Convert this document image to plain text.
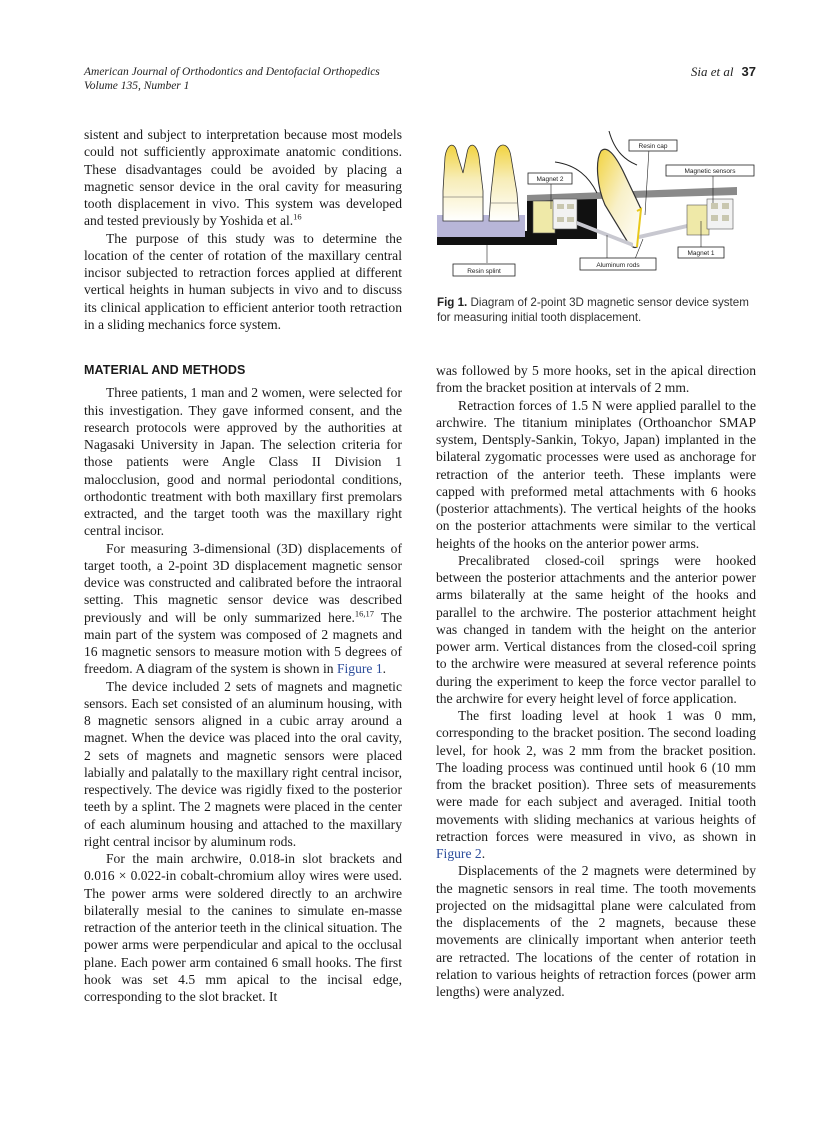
American Journal of Orthodontics and Dentofacial Orthopedics
Volume 135, Number 1
Sia et al 37

sistent and subject to interpretation because most models could not sufficiently approximate anatomic conditions. These disadvantages could be avoided by placing a magnetic sensor device in the oral cavity for measuring tooth displacement in vivo. This system was developed and tested previously by Yoshida et al.$^{16}$

The purpose of this study was to determine the location of the center of rotation of the maxillary central incisor subjected to retraction forces applied at different vertical heights in human subjects in vivo and to discuss its clinical application to efficient anterior tooth retraction in a sliding mechanics force system.

MATERIAL AND METHODS

Three patients, 1 man and 2 women, were selected for this investigation. They gave informed consent, and the research protocols were approved by the authorities at Nagasaki University in Japan. The selection criteria for those patients were Angle Class II Division 1 malocclusion, good and normal periodontal conditions, orthodontic treatment with both maxillary first premolars extracted, and the target tooth was the maxillary right central incisor.

For measuring 3-dimensional (3D) displacements of target tooth, a 2-point 3D displacement magnetic sensor device was constructed and calibrated before the intraoral setting. This magnetic sensor device was described previously and will be only summarized here.$^{16,17}$ The main part of the system was composed of 2 magnets and 16 magnetic sensors to measure motion with 5 degrees of freedom. A diagram of the system is shown in Figure 1.

The device included 2 sets of magnets and magnetic sensors. Each set consisted of an aluminum housing, with 8 magnetic sensors aligned in a cubic array around a magnet. When the device was placed into the oral cavity, 2 sets of magnets and magnetic sensors were placed labially and palatally to the maxillary right central incisor, respectively. The device was rigidly fixed to the posterior teeth by a splint. The 2 magnets were placed in the center of each aluminum housing and attached to the maxillary right central incisor by aluminum rods.

For the main archwire, 0.018-in slot brackets and 0.016 × 0.022-in cobalt-chromium alloy wires were used. The power arms were soldered directly to an archwire bilaterally mesial to the canines to simulate en-masse retraction of the anterior teeth in the clinical situation. The power arms were perpendicular and apical to the occlusal plane. Each power arm contained 6 small hooks. The first hook was set 4.5 mm apical to the incisal edge, corresponding to the slot bracket. It

Resin cap
Magnetic sensors
Magnet 2
Magnet 1
Resin splint
Aluminum rods
Fig 1. Diagram of 2-point 3D magnetic sensor device system for measuring initial tooth displacement.

was followed by 5 more hooks, set in the apical direction from the bracket position at intervals of 2 mm.

Retraction forces of 1.5 N were applied parallel to the archwire. The titanium miniplates (Orthoanchor SMAP system, Dentsply-Sankin, Tokyo, Japan) implanted in the bilateral zygomatic processes were used as anchorage for retraction of the anterior teeth. These implants were capped with preformed metal attachments with 6 hooks (posterior attachments). The vertical heights of the hooks on the posterior attachments were similar to the vertical heights of the hooks on the anterior power arms.

Precalibrated closed-coil springs were hooked between the posterior attachments and the anterior power arms bilaterally at the same height of the hooks and parallel to the archwire. The posterior attachment height was changed in tandem with the height on the anterior power arm. Vertical distances from the closed-coil spring to the archwire were measured at several reference points during the experiment to keep the force vector parallel to the archwire for every height level of force application.

The first loading level at hook 1 was 0 mm, corresponding to the bracket position. The second loading level, for hook 2, was 2 mm from the bracket position. The loading process was continued until hook 6 (10 mm from the bracket position). Three sets of measurements were made for each subject and averaged. Initial tooth movements with sliding mechanics at various heights of retraction forces were measured in vivo, as shown in Figure 2.

Displacements of the 2 magnets were determined by the magnetic sensors in real time. The tooth movements projected on the midsagittal plane were calculated from the displacements of the 2 magnets, because these movements are clinically important when anterior teeth are retracted. The locations of the center of rotation in relation to various heights of retraction forces (power arm lengths) were analyzed.
